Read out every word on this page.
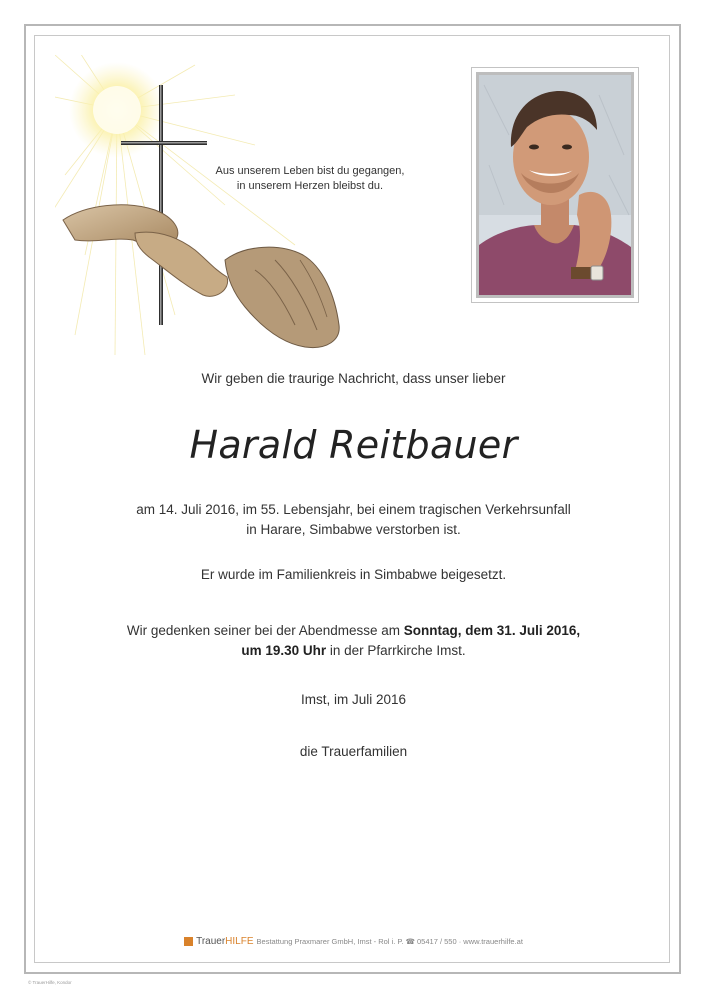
Aus unserem Leben bist du gegangen,
in unserem Herzen bleibst du.
Wir geben die traurige Nachricht, dass unser lieber
Harald Reitbauer
am 14. Juli 2016, im 55. Lebensjahr, bei einem tragischen Verkehrsunfall
in Harare, Simbabwe verstorben ist.
Er wurde im Familienkreis in Simbabwe beigesetzt.
Wir gedenken seiner bei der Abendmesse am Sonntag, dem 31. Juli 2016,
um 19.30 Uhr in der Pfarrkirche Imst.
Imst, im Juli 2016
die Trauerfamilien
TrauerHILFE Bestattung Praxmarer GmbH, Imst - Rol i. P. ☎ 05417 / 550 · www.trauerhilfe.at
© TrauerHilfe, Kondor
